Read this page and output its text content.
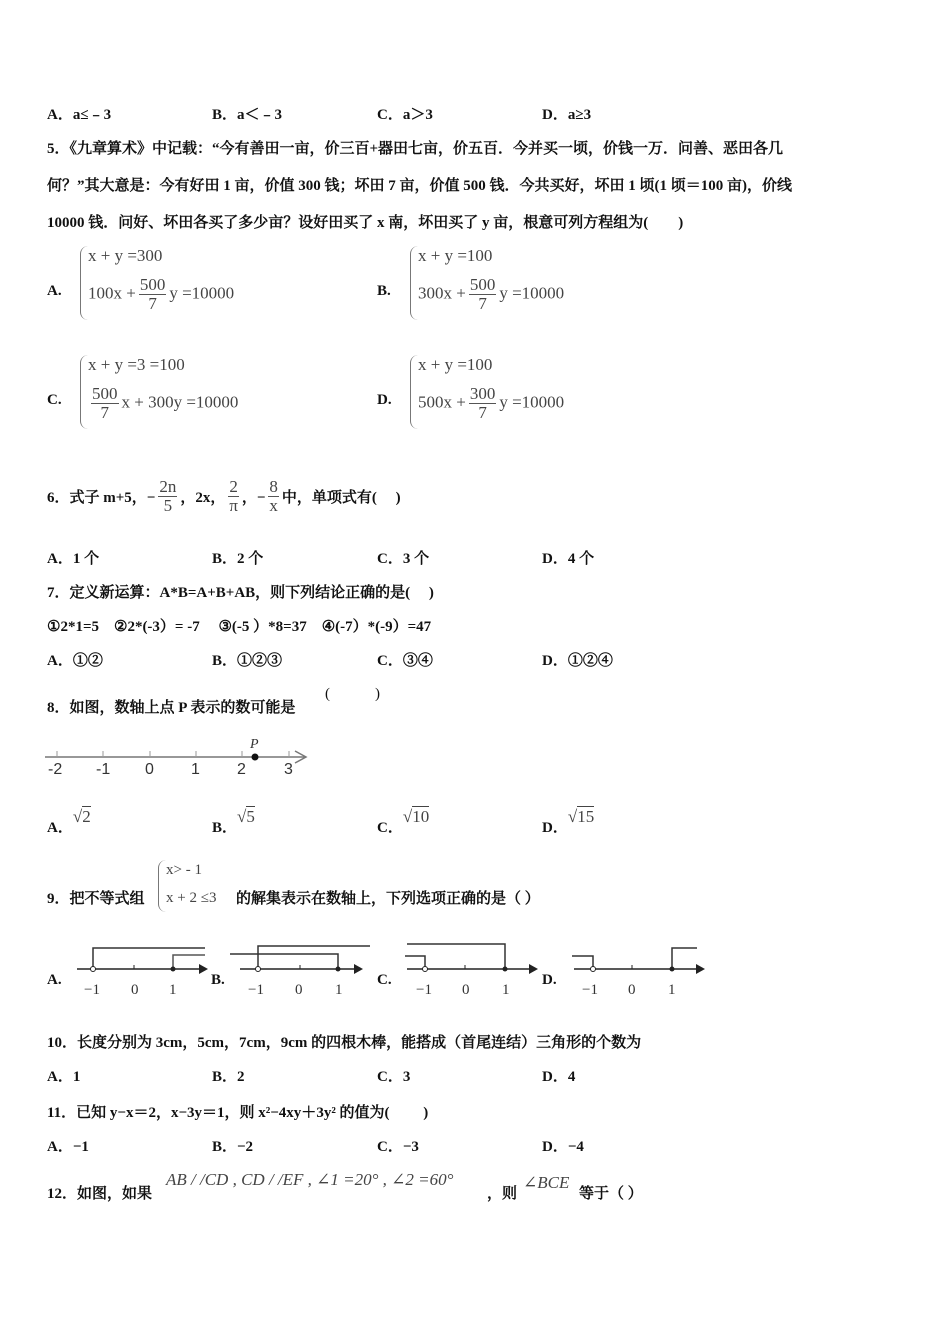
A．a≤﹣3	B．a＜﹣3	C．a＞3	D．a≥3
5．《九章算术》中记载：“今有善田一亩，价三百+器田七亩，价五百．今并买一顷，价钱一万．问善、恶田各几
何？”其大意是：今有好田 1 亩，价值 300 钱；坏田 7 亩，价值 500 钱．今共买好，坏田 1 顷(1 顷＝100 亩)，价线
10000 钱．问好、坏田各买了多少亩？设好田买了 x 南，坏田买了 y 亩，根意可列方程组为(　　)
A.
x + y =300
$100x + \frac{500}{7}$ y =10000	B.
x + y =100
$300x + \frac{500}{7}$ y =10000
C.
x + y =3 =100
$\frac{500}{7}$ x + 300y =10000	D.
x + y =100
$500x + \frac{300}{7}$ y =10000
6．式子 m+5，− $\frac{2n}{5}$ ，2x， $\frac{2}{\pi}$ ，− $\frac{8}{x}$ 中，单项式有(　 )
A．1 个	B．2 个	C．3 个	D．4 个
7．定义新运算：A*B=A+B+AB，则下列结论正确的是(　 )
①2*1=5　②2*(-3）= -7　 ③(-5 ）*8=37　④(-7）*(-9）=47
A．①②	B．①②③	C．③④	D．①②④
8．如图，数轴上点 P 表示的数可能是
(　　　)
P
-2 -1 0 1 2 3
A．√2
B．√5
C．√10
D．√15
9．把不等式组
x> - 1
x + 2 ≤3 的解集表示在数轴上，下列选项正确的是（ ）
A.	B.	C.	D.
−1 0 1	−1 0 1	−1 0 1	−1 0 1
10．长度分别为 3cm，5cm，7cm，9cm 的四根木棒，能搭成（首尾连结）三角形的个数为
A．1	B．2	C．3	D．4
11．已知 y−x＝2，x−3y＝1，则 x²−4xy＋3y² 的值为(　　 )
A．−1	B．−2	C．−3	D．−4
12．如图，如果
AB / /CD , CD / /EF , ∠1 =20° , ∠2 =60°
，则
∠BCE
等于（ ）
